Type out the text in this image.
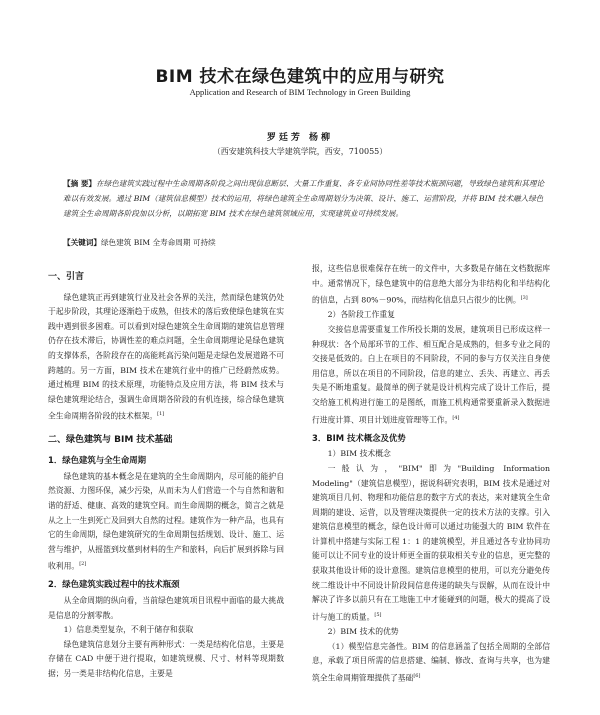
BIM 技术在绿色建筑中的应用与研究
Application and Research of BIM Technology in Green Building
罗廷芳 杨柳
（西安建筑科技大学建筑学院，西安，710055）
【摘 要】在绿色建筑实践过程中生命周期各阶段之间出现信息断层、大量工作重复、各专业间协同性差等技术瓶颈问题，导致绿色建筑和其理论难以有效发展。通过 BIM（建筑信息模型）技术的运用，将绿色建筑全生命周期划分为决策、设计、施工、运营阶段，并将 BIM 技术融入绿色建筑全生命周期各阶段加以分析，以期拓宽 BIM 技术在绿色建筑领域应用，实现建筑业可持续发展。
【关键词】绿色建筑 BIM 全寿命周期 可持续
一、引言

绿色建筑正再到建筑行业及社会各界的关注，然而绿色建筑仍处于起步阶段，其理论逐渐趋于成熟，但技术的落后致使绿色建筑在实践中遇到很多困难。可以看到对绿色建筑全生命周期的建筑信息管理仍存在技术滞后，协调性差的难点问题，全生命周期理论是绿色建筑的支撑体系，各阶段存在的高能耗高污染问题是走绿色发展道路不可跨越的。另一方面，BIM 技术在建筑行业中的推广已经蔚然成势。通过梳理 BIM 的技术原理，功能特点及应用方法，将 BIM 技术与绿色建筑理论结合，强调生命周期各阶段的有机连接，综合绿色建筑全生命周期各阶段的技术框架。[1]

二、绿色建筑与 BIM 技术基础
1．绿色建筑与全生命周期

绿色建筑的基本概念是在建筑的全生命周期内，尽可能的能护自然资源、力图环保，减少污染，从而未为人们营造一个与自然和谐和谐的舒适、健康、高效的建筑空间。而生命周期的概念，简言之就是从之上一生到死亡及回到大自然的过程。建筑作为一种产品，也具有它的生命周期，绿色建筑研究的生命周期包括规划、设计、施工、运营与维护，从摇篮到坟墓到材料的生产和旅料，向后扩展到拆除与回收利用。[2]

2．绿色建筑实践过程中的技术瓶颈

从全命周期的纵向看，当前绿色建筑项目讯程中面临的最大挑战是信息的分割零散。

1）信息类型复杂，不利于储存和获取

绿色建筑信息划分主要有两种形式：一类是结构化信息，主要是存储在 CAD 中便于进行提取，如建筑规模、尺寸、材料等现期数据；另一类是非结构化信息，主要是

报，这些信息很难保存在统一的文件中，大多数是存储在文档数据库中。通常情况下，绿色建筑中的信息绝大部分为非结构化和半结构化的信息，占到 80%－90%，而结构化信息只占很少的比例。[3]

2）各阶段工作重复

交接信息需要重复工作所投长期的发展，建筑项目已形成这样一种现状：各个局部环节的工作、相互配合是成熟的，但多专业之间的交接是低效的。白上在项目的不同阶段，不同的参与方仅关注自身使用信息，所以在项目的不同阶段，信息的建立、丢失、再建立、再丢失是不断地重复。最简单的例子就是设计机构完成了设计工作后，提交给施工机构进行施工的是图纸，而施工机构通常要重新录入数据进行进度计算、项目计划进度管理等工作。[4]

3．BIM 技术概念及优势

1）BIM 技术概念

一般认为，"BIM"即为"Building Information Modeling"（建筑信息模型），据说科研究表明，BIM 技术是通过对建筑项目几何、物理和功能信息的数字方式的表达，来对建筑全生命周期的建设、运营，以及管理决策提供一定的技术方法的支撑。引入建筑信息模型的概念，绿色设计师可以通过功能强大的 BIM 软件在计算机中搭建与实际工程 1：1 的建筑模型，并且通过各专业协同功能可以让不同专业的设计师更全面的获取相关专业的信息，更完整的获取其他设计师的设计意图。建筑信息模型的使用，可以充分避免传统二维设计中不同设计阶段间信息传递的缺失与误解，从而在设计中解决了许多以前只有在工地施工中才能碰到的问题，极大的提高了设计与施工的质量。[5]

2）BIM 技术的优势

（1）模型信息完备性。BIM 的信息涵盖了包括全周期的全部信息，承载了项目所需的信息搭建、编制、修改、查询与共享，也为建筑全生命周期管理提供了基础[6]
